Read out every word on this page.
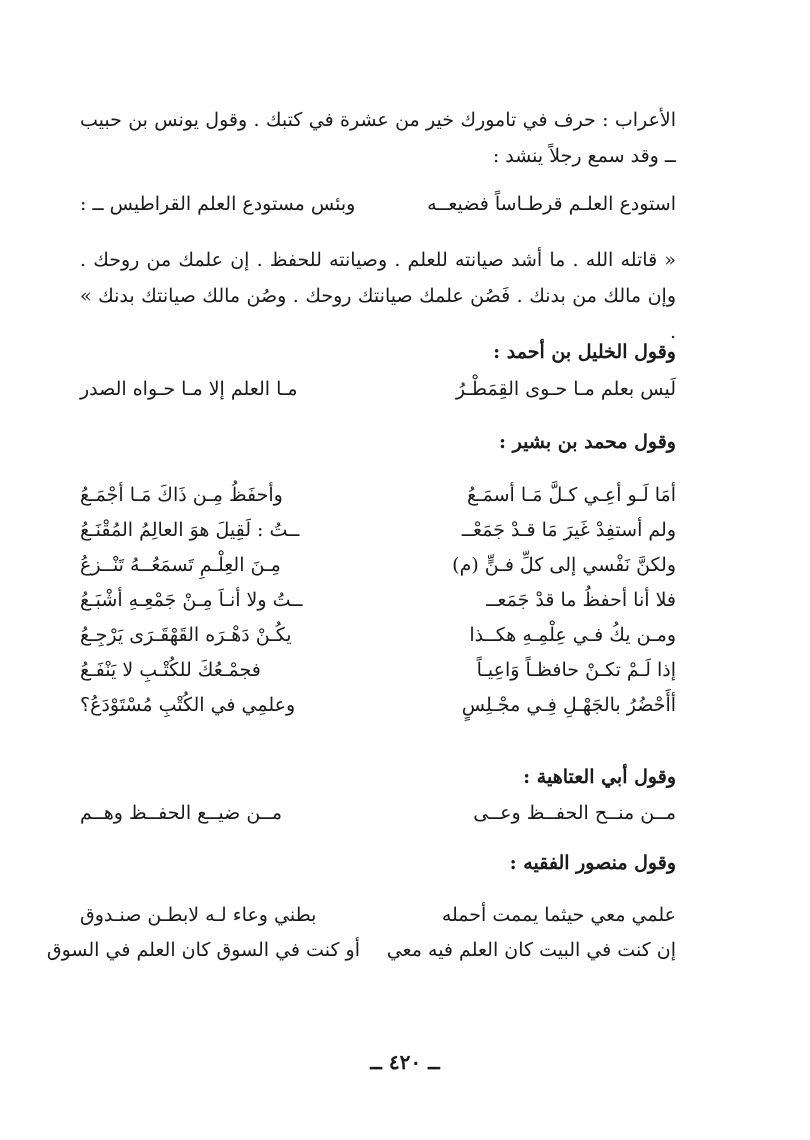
الأعراب : حرف في تامورك خير من عشرة في كتبك . وقول يونس بن حبيب ــ وقد سمع رجلاً ينشد :

استودع العلـم قرطـاساً فضيعــه
وبئس مستودع العلم القراطيس ــ :

« قاتله الله . ما أشد صيانته للعلم . وصيانته للحفظ . إن علمك من روحك . وإن مالك من بدنك . فَصُن علمك صيانتك روحك . وصُن مالك صيانتك بدنك » .

وقول الخليل بن أحمد :
لَيس بعلم مـا حـوى القِمَطْـرُ
مـا العلم إلا مـا حـواه الصدر
وقول محمد بن بشير :
أمَا لَـو أعِـي كـلَّ مَـا أسمَـعُ
وأحفَظُ مِـن ذَاكَ مَـا أجْمَـعُ
ولم أستفِدْ غَيرَ مَا قـدْ جَمَعْــ
ــتُ : لَقِيلَ هوَ العالِمُ المُقْنَـعُ
ولكنَّ نَفْسي إلى كلِّ فـنٍّ (م)
مِـنَ العِلْـمِ تَسمَعُــهُ تَنْــزعُ
فلا أنا أحفظُ ما قدْ جَمَعــ
ــتُ ولا أنـاَ مِـنْ جَمْعِـهِ أشْبَـعُ
ومـن يكُ فـي عِلْمِـهِ هكــذا
يكُـنْ دَهْـرَه القَهْقَـرَى يَرْجِـعُ
إذا لَـمْ تكـنْ حافظـاً وَاعِيـاً
فجمْـعُكَ للكُتْـبِ لا يَنْفَـعُ
أأَحْضُرُ بالجَهْـلِ فِـي مجْـلِسٍ
وعلمِي في الكُتْبِ مُسْتَوْدَعُ؟
وقول أبي العتاهية :
مــن منــح الحفــظ وعــى
مــن ضيــع الحفــظ وهــم
وقول منصور الفقيه :
علمي معي حيثما يممت أحمله
بطني وعاء لـه لابطـن صنـدوق
إن كنت في البيت كان العلم فيه معي
أو كنت في السوق كان العلم في السوق
ــ ٤٢٠ ــ
